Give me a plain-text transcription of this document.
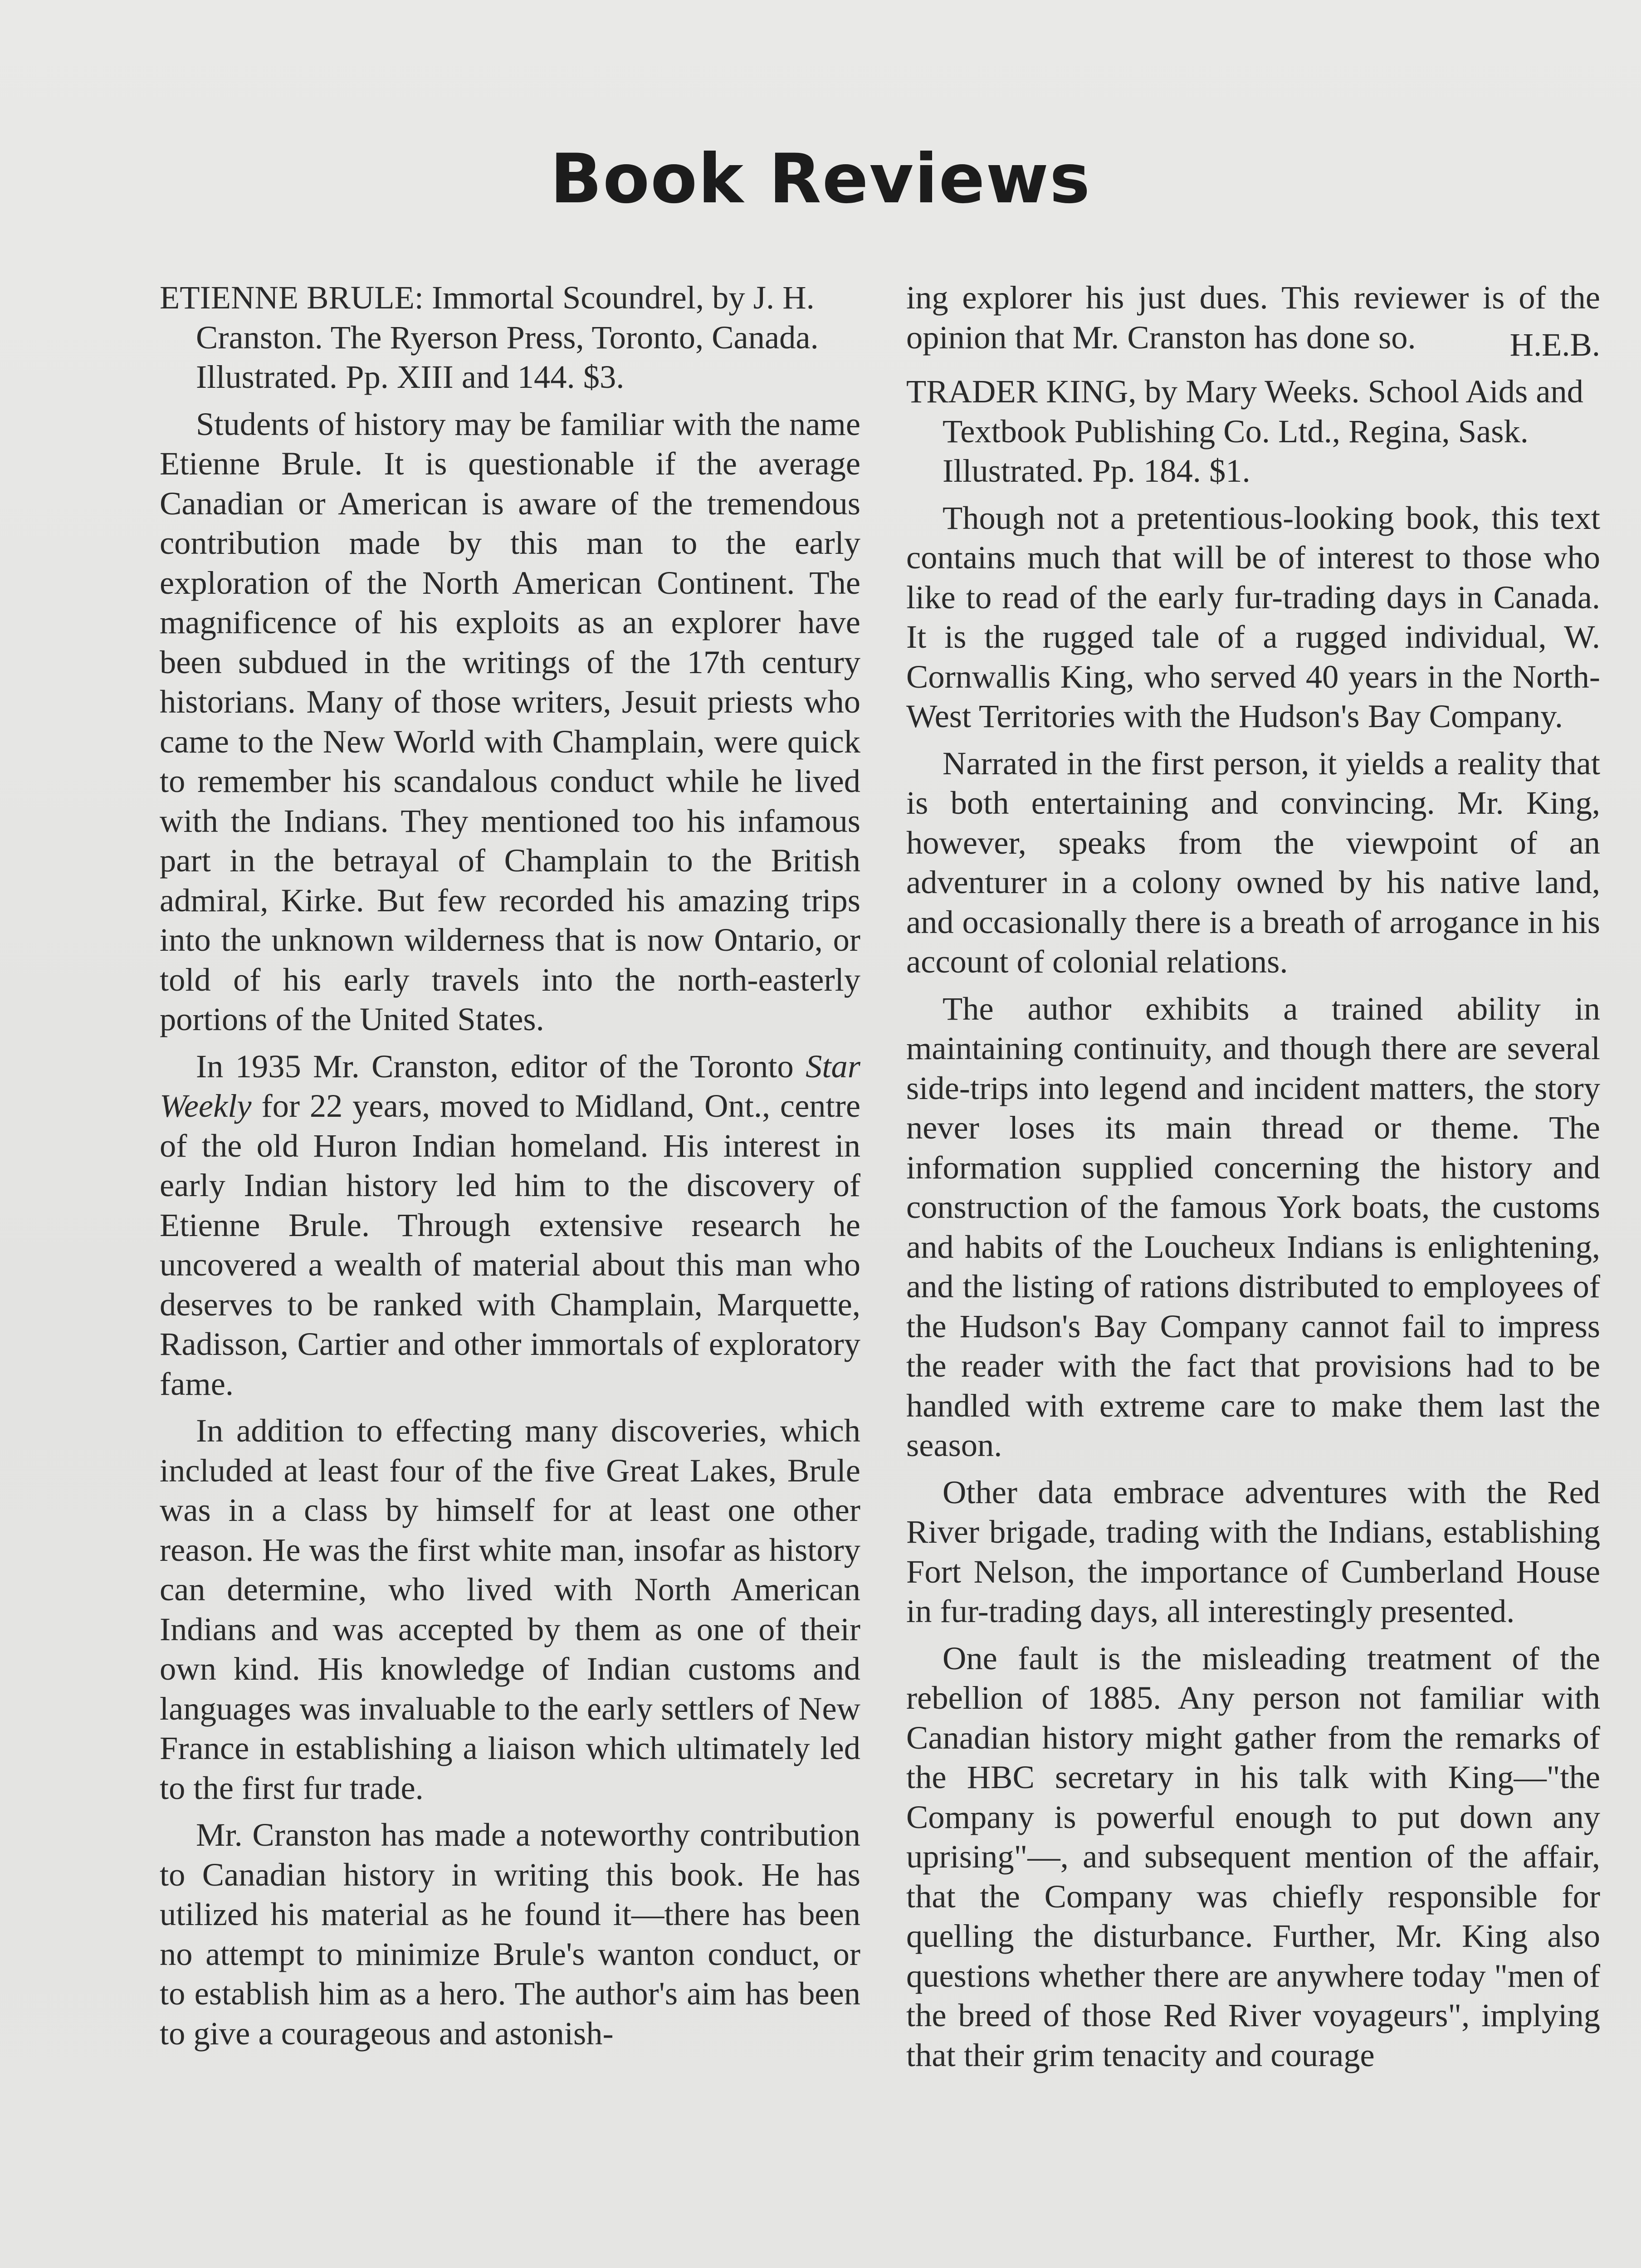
Book Reviews

ETIENNE BRULE: Immortal Scoundrel, by J. H. Cranston. The Ryerson Press, Toronto, Canada. Illustrated. Pp. XIII and 144. $3.

Students of history may be familiar with the name Etienne Brule. It is questionable if the average Canadian or American is aware of the tremendous contribution made by this man to the early exploration of the North American Continent. The magnificence of his exploits as an explorer have been subdued in the writings of the 17th century historians. Many of those writers, Jesuit priests who came to the New World with Champlain, were quick to remember his scandalous conduct while he lived with the Indians. They mentioned too his infamous part in the betrayal of Champlain to the British admiral, Kirke. But few recorded his amazing trips into the unknown wilderness that is now Ontario, or told of his early travels into the north-easterly portions of the United States.

In 1935 Mr. Cranston, editor of the Toronto Star Weekly for 22 years, moved to Midland, Ont., centre of the old Huron Indian homeland. His interest in early Indian history led him to the discovery of Etienne Brule. Through extensive research he uncovered a wealth of material about this man who deserves to be ranked with Champlain, Marquette, Radisson, Cartier and other immortals of exploratory fame.

In addition to effecting many discoveries, which included at least four of the five Great Lakes, Brule was in a class by himself for at least one other reason. He was the first white man, insofar as history can determine, who lived with North American Indians and was accepted by them as one of their own kind. His knowledge of Indian customs and languages was invaluable to the early settlers of New France in establishing a liaison which ultimately led to the first fur trade.

Mr. Cranston has made a noteworthy contribution to Canadian history in writing this book. He has utilized his material as he found it—there has been no attempt to minimize Brule's wanton conduct, or to establish him as a hero. The author's aim has been to give a courageous and astonish-

ing explorer his just dues. This reviewer is of the opinion that Mr. Cranston has done so.	H.E.B.

TRADER KING, by Mary Weeks. School Aids and Textbook Publishing Co. Ltd., Regina, Sask. Illustrated. Pp. 184. $1.

Though not a pretentious-looking book, this text contains much that will be of interest to those who like to read of the early fur-trading days in Canada. It is the rugged tale of a rugged individual, W. Cornwallis King, who served 40 years in the North-West Territories with the Hudson's Bay Company.

Narrated in the first person, it yields a reality that is both entertaining and convincing. Mr. King, however, speaks from the viewpoint of an adventurer in a colony owned by his native land, and occasionally there is a breath of arrogance in his account of colonial relations.

The author exhibits a trained ability in maintaining continuity, and though there are several side-trips into legend and incident matters, the story never loses its main thread or theme. The information supplied concerning the history and construction of the famous York boats, the customs and habits of the Loucheux Indians is enlightening, and the listing of rations distributed to employees of the Hudson's Bay Company cannot fail to impress the reader with the fact that provisions had to be handled with extreme care to make them last the season.

Other data embrace adventures with the Red River brigade, trading with the Indians, establishing Fort Nelson, the importance of Cumberland House in fur-trading days, all interestingly presented.

One fault is the misleading treatment of the rebellion of 1885. Any person not familiar with Canadian history might gather from the remarks of the HBC secretary in his talk with King—"the Company is powerful enough to put down any uprising"—, and subsequent mention of the affair, that the Company was chiefly responsible for quelling the disturbance. Further, Mr. King also questions whether there are anywhere today "men of the breed of those Red River voyageurs", implying that their grim tenacity and courage
